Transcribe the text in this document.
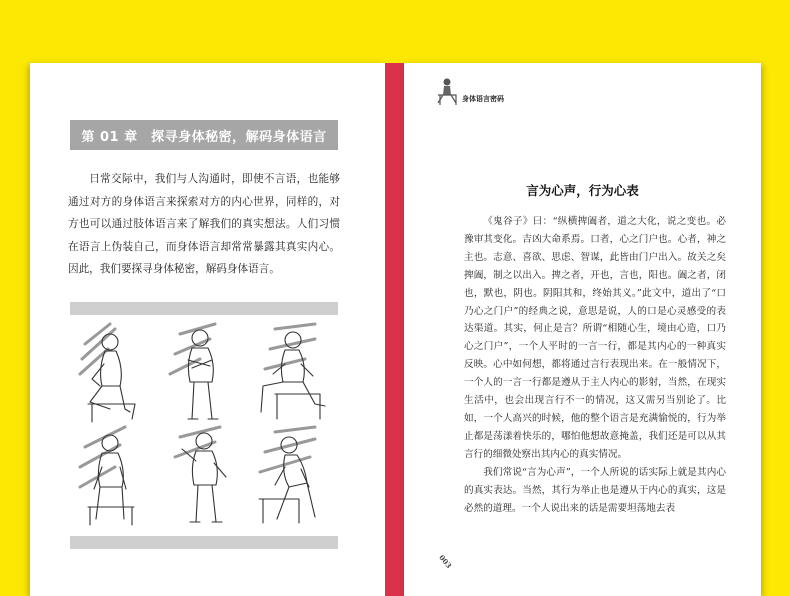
第 01 章　探寻身体秘密，解码身体语言

日常交际中，我们与人沟通时，即使不言语，也能够通过对方的身体语言来探索对方的内心世界，同样的，对方也可以通过肢体语言来了解我们的真实想法。人们习惯在语言上伪装自己，而身体语言却常常暴露其真实内心。因此，我们要探寻身体秘密，解码身体语言。

身体语言密码
言为心声，行为心表

《鬼谷子》曰：“纵横捭阖者，道之大化，说之变也。必豫审其变化。吉凶大命系焉。口者，心之门户也。心者，神之主也。志意、喜欲、思虑、智谋，此皆由门户出入。故关之矣捭阖，制之以出入。捭之者，开也，言也，阳也。阖之者，闭也，默也，阴也。阴阳其和，终始其义。”此文中，道出了“口乃心之门户”的经典之说，意思是说，人的口是心灵感受的表达渠道。其实，何止是言？所谓“相随心生，境由心造，口乃心之门户”，一个人平时的一言一行，都是其内心的一种真实反映。心中如何想，都将通过言行表现出来。在一般情况下，一个人的一言一行都是遵从于主人内心的影射，当然，在现实生活中，也会出现言行不一的情况，这又需另当别论了。比如，一个人高兴的时候，他的整个语言是充满愉悦的，行为举止都是荡漾着快乐的，哪怕他想故意掩盖，我们还是可以从其言行的细微处察出其内心的真实情况。

我们常说“言为心声”，一个人所说的话实际上就是其内心的真实表达。当然，其行为举止也是遵从于内心的真实，这是必然的道理。一个人说出来的话是需要坦荡地去表

003
